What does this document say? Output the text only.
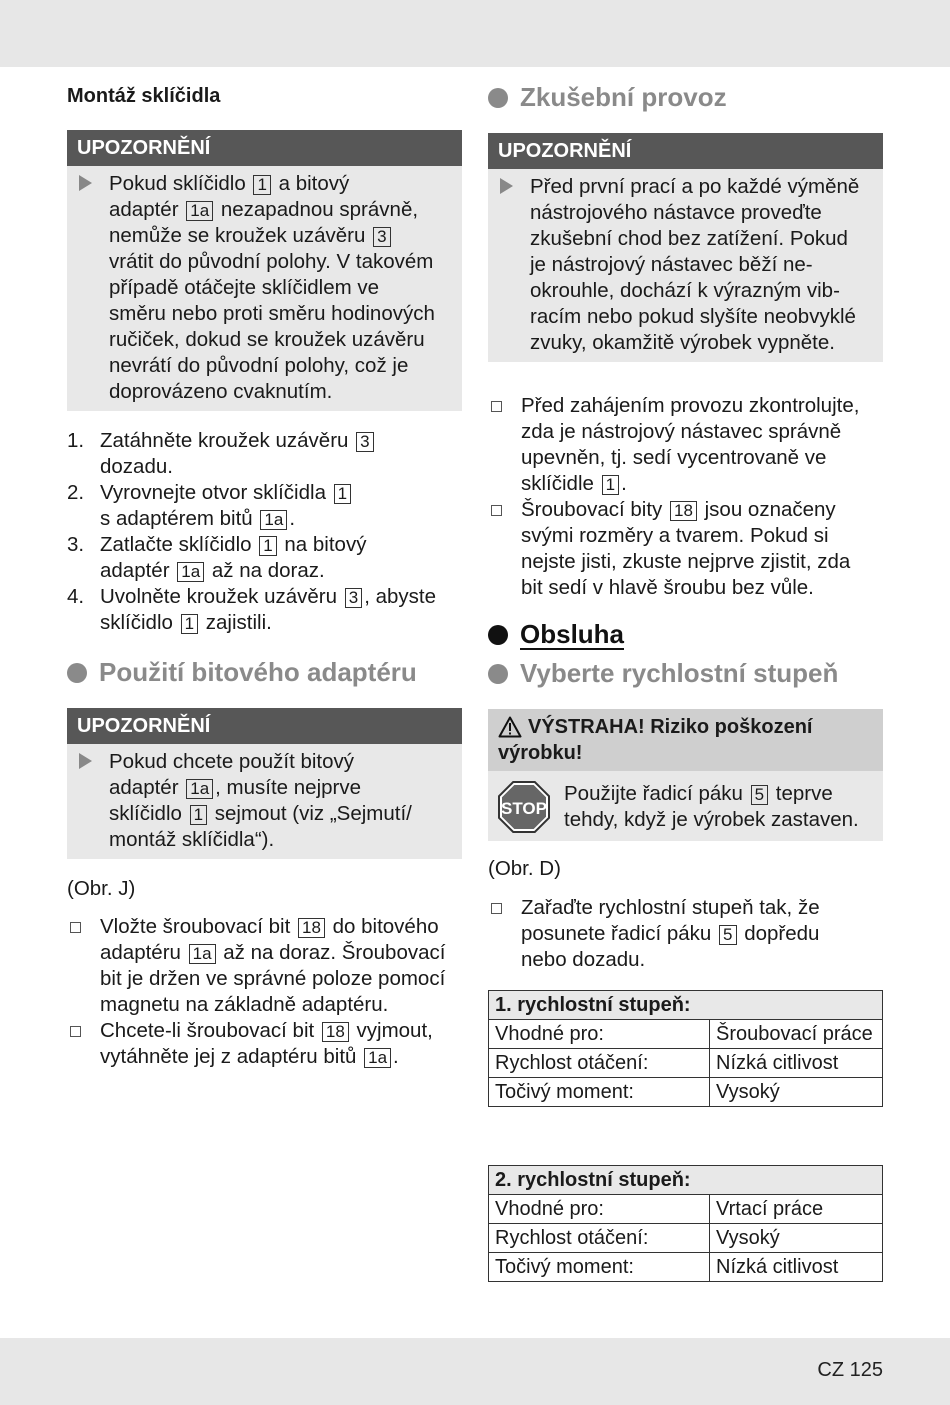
Montáž sklíčidla
UPOZORNĚNÍ
Pokud sklíčidlo 1 a bitový
adaptér 1a nezapadnou správně,
nemůže se kroužek uzávěru 3
vrátit do původní polohy. V takovém
případě otáčejte sklíčidlem ve
směru nebo proti směru hodinových
ručiček, dokud se kroužek uzávěru
nevrátí do původní polohy, což je
doprovázeno cvaknutím.
1. Zatáhněte kroužek uzávěru 3
dozadu.
2. Vyrovnejte otvor sklíčidla 1
s adaptérem bitů 1a .
3. Zatlačte sklíčidlo 1 na bitový
adaptér 1a až na doraz.
4. Uvolněte kroužek uzávěru 3 , abyste
sklíčidlo 1 zajistili.
Použití bitového adaptéru
UPOZORNĚNÍ
Pokud chcete použít bitový
adaptér 1a , musíte nejprve
sklíčidlo 1 sejmout (viz „Sejmutí/
montáž sklíčidla“).
(Obr. J)
Vložte šroubovací bit 18 do bitového
adaptéru 1a až na doraz. Šroubovací
bit je držen ve správné poloze pomocí
magnetu na základně adaptéru.
Chcete-li šroubovací bit 18 vyjmout,
vytáhněte jej z adaptéru bitů 1a .
Zkušební provoz
UPOZORNĚNÍ
Před první prací a po každé výměně
nástrojového nástavce proveďte
zkušební chod bez zatížení. Pokud
je nástrojový nástavec běží ne-
okrouhle, dochází k výrazným vib-
racím nebo pokud slyšíte neobvyklé
zvuky, okamžitě výrobek vypněte.
Před zahájením provozu zkontrolujte,
zda je nástrojový nástavec správně
upevněn, tj. sedí vycentrovaně ve
sklíčidle 1 .
Šroubovací bity 18 jsou označeny
svými rozměry a tvarem. Pokud si
nejste jisti, zkuste nejprve zjistit, zda
bit sedí v hlavě šroubu bez vůle.
Obsluha
Vyberte rychlostní stupeň
VÝSTRAHA! Riziko poškození
výrobku!
STOP
Použijte řadicí páku 5 teprve
tehdy, když je výrobek zastaven.
(Obr. D)
Zařaďte rychlostní stupeň tak, že
posunete řadicí páku 5 dopředu
nebo dozadu.
1. rychlostní stupeň:	
Vhodné pro:	Šroubovací práce
Rychlost otáčení:	Nízká citlivost
Točivý moment:	Vysoký
2. rychlostní stupeň:	
Vhodné pro:	Vrtací práce
Rychlost otáčení:	Vysoký
Točivý moment:	Nízká citlivost
CZ 125
